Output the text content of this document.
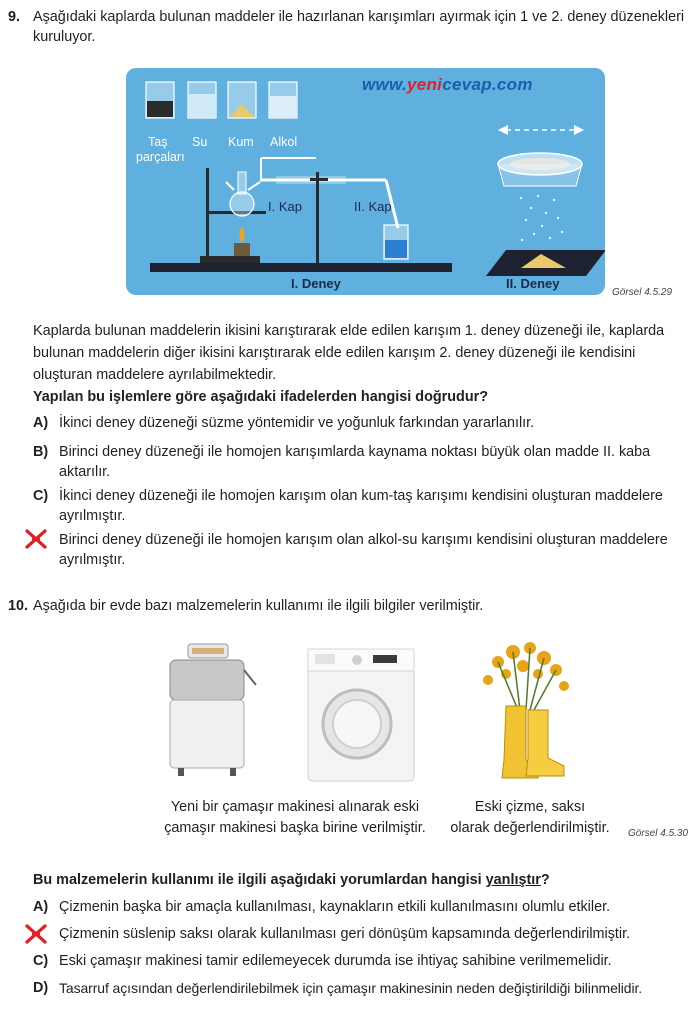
9. Aşağıdaki kaplarda bulunan maddeler ile hazırlanan karışımları ayırmak için 1 ve 2. deney düzenekleri
kuruluyor.
www.yenicevap.com
Taş
parçaları
Su Kum Alkol
I. Kap	II. Kap
I. Deney	II. Deney
Görsel 4.5.29
Kaplarda bulunan maddelerin ikisini karıştırarak elde edilen karışım 1. deney düzeneği ile, kaplarda
bulunan maddelerin diğer ikisini karıştırarak elde edilen karışım 2. deney düzeneği ile kendisini
oluşturan maddelere ayrılabilmektedir.
Yapılan bu işlemlere göre aşağıdaki ifadelerden hangisi doğrudur?
A) İkinci deney düzeneği süzme yöntemidir ve yoğunluk farkından yararlanılır.
B) Birinci deney düzeneği ile homojen karışımlarda kaynama noktası büyük olan madde II. kaba
aktarılır.
C) İkinci deney düzeneği ile homojen karışım olan kum-taş karışımı kendisini oluşturan maddelere
ayrılmıştır.
Birinci deney düzeneği ile homojen karışım olan alkol-su karışımı kendisini oluşturan maddelere
ayrılmıştır.
10. Aşağıda bir evde bazı malzemelerin kullanımı ile ilgili bilgiler verilmiştir.
Yeni bir çamaşır makinesi alınarak eski
çamaşır makinesi başka birine verilmiştir.
Eski çizme, saksı
olarak değerlendirilmiştir.	Görsel 4.5.30
Bu malzemelerin kullanımı ile ilgili aşağıdaki yorumlardan hangisi yanlıştır?
A) Çizmenin başka bir amaçla kullanılması, kaynakların etkili kullanılmasını olumlu etkiler.
Çizmenin süslenip saksı olarak kullanılması geri dönüşüm kapsamında değerlendirilmiştir.
C) Eski çamaşır makinesi tamir edilemeyecek durumda ise ihtiyaç sahibine verilmemelidir.
D) Tasarruf açısından değerlendirilebilmek için çamaşır makinesinin neden değiştirildiği bilinmelidir.
